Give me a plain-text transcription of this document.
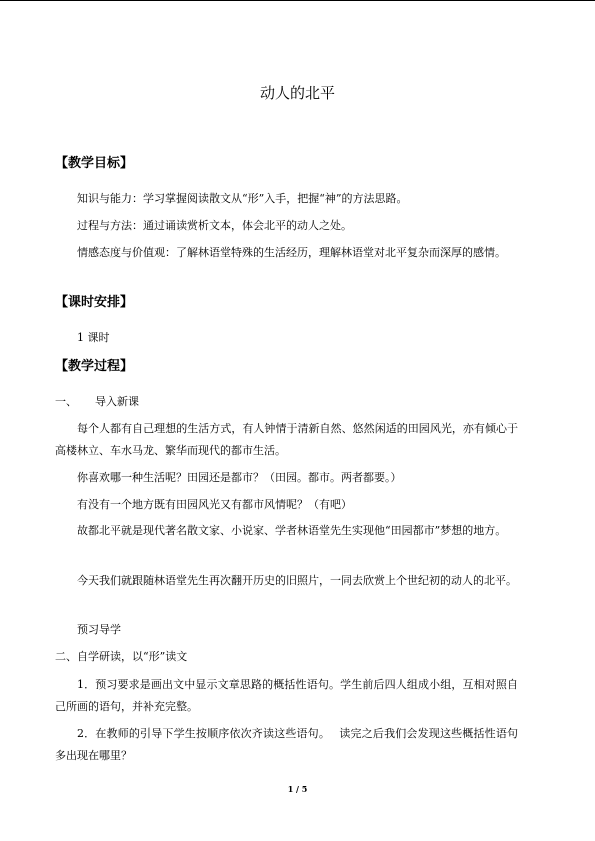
动人的北平
【教学目标】

知识与能力：学习掌握阅读散文从“形”入手，把握“神”的方法思路。

过程与方法：通过诵读赏析文本，体会北平的动人之处。

情感态度与价值观：了解林语堂特殊的生活经历，理解林语堂对北平复杂而深厚的感情。

【课时安排】

1 课时

【教学过程】
一、 导入新课

每个人都有自己理想的生活方式，有人钟情于清新自然、悠然闲适的田园风光，亦有倾心于高楼林立、车水马龙、繁华而现代的都市生活。

你喜欢哪一种生活呢？田园还是都市？（田园。都市。两者都要。）

有没有一个地方既有田园风光又有都市风情呢？（有吧）

故都北平就是现代著名散文家、小说家、学者林语堂先生实现他“田园都市”梦想的地方。

今天我们就跟随林语堂先生再次翻开历史的旧照片，一同去欣赏上个世纪初的动人的北平。

预习导学

二、自学研读，以“形”读文

1．预习要求是画出文中显示文章思路的概括性语句。学生前后四人组成小组，互相对照自己所画的语句，并补充完整。

2．在教师的引导下学生按顺序依次齐读这些语句。　 读完之后我们会发现这些概括性语句多出现在哪里？

1 / 5
